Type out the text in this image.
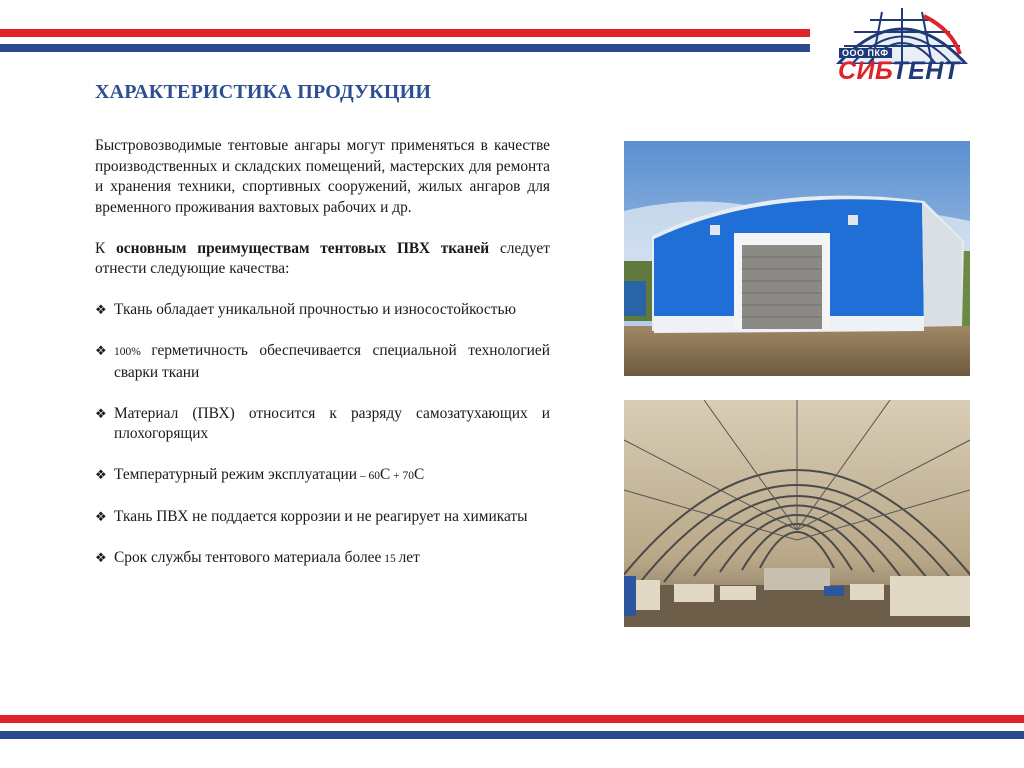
ООО ПКФ
СИБТЕНТ
ХАРАКТЕРИСТИКА ПРОДУКЦИИ

Быстровозводимые тентовые ангары могут применяться в качестве производственных и складских помещений, мастерских для ремонта и хранения техники, спортивных сооружений, жилых ангаров для временного проживания вахтовых рабочих и др.

К основным преимуществам тентовых ПВХ тканей следует отнести следующие качества:

❖ Ткань обладает уникальной прочностью и износостойкостью
❖ 100% герметичность обеспечивается специальной технологией сварки ткани
❖ Материал (ПВХ) относится к разряду самозатухающих и плохогорящих
❖ Температурный режим эксплуатации – 60С + 70С
❖ Ткань ПВХ не поддается коррозии и не реагирует на химикаты
❖ Срок службы тентового материала более 15 лет
